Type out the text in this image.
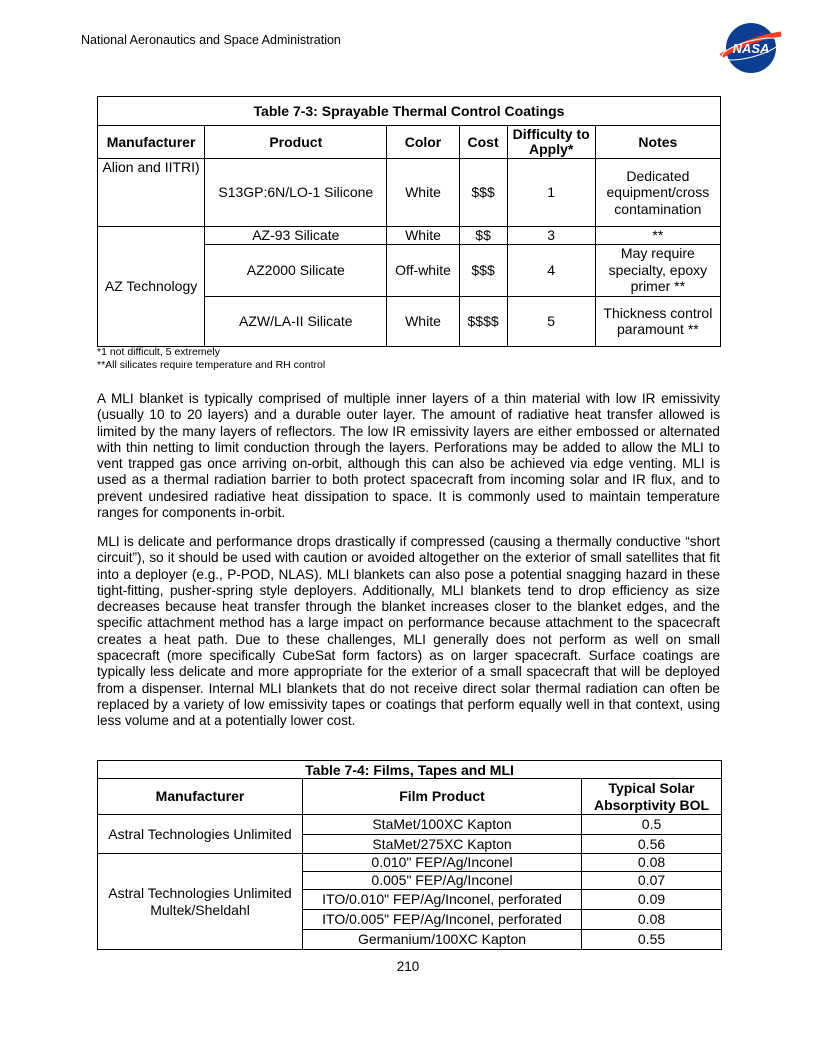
National Aeronautics and Space Administration
NASA
Table 7-3: Sprayable Thermal Control Coatings					
Manufacturer	Product	Color	Cost	Difficulty to Apply*	Notes
Alion and IITRI)	S13GP:6N/LO-1 Silicone	White	$$$	1	Dedicated equipment/cross contamination
AZ Technology	AZ-93 Silicate	White	$$	3	**
	AZ2000 Silicate	Off-white	$$$	4	May require specialty, epoxy primer **
	AZW/LA-II Silicate	White	$$$$	5	Thickness control paramount **
*1 not difficult, 5 extremely
**All silicates require temperature and RH control
A MLI blanket is typically comprised of multiple inner layers of a thin material with low IR emissivity (usually 10 to 20 layers) and a durable outer layer. The amount of radiative heat transfer allowed is limited by the many layers of reflectors. The low IR emissivity layers are either embossed or alternated with thin netting to limit conduction through the layers. Perforations may be added to allow the MLI to vent trapped gas once arriving on-orbit, although this can also be achieved via edge venting. MLI is used as a thermal radiation barrier to both protect spacecraft from incoming solar and IR flux, and to prevent undesired radiative heat dissipation to space. It is commonly used to maintain temperature ranges for components in-orbit.
MLI is delicate and performance drops drastically if compressed (causing a thermally conductive “short circuit”), so it should be used with caution or avoided altogether on the exterior of small satellites that fit into a deployer (e.g., P-POD, NLAS). MLI blankets can also pose a potential snagging hazard in these tight-fitting, pusher-spring style deployers. Additionally, MLI blankets tend to drop efficiency as size decreases because heat transfer through the blanket increases closer to the blanket edges, and the specific attachment method has a large impact on performance because attachment to the spacecraft creates a heat path. Due to these challenges, MLI generally does not perform as well on small spacecraft (more specifically CubeSat form factors) as on larger spacecraft. Surface coatings are typically less delicate and more appropriate for the exterior of a small spacecraft that will be deployed from a dispenser. Internal MLI blankets that do not receive direct solar thermal radiation can often be replaced by a variety of low emissivity tapes or coatings that perform equally well in that context, using less volume and at a potentially lower cost.
Table 7-4: Films, Tapes and MLI		
Manufacturer	Film Product	Typical Solar Absorptivity BOL
Astral Technologies Unlimited	StaMet/100XC Kapton	0.5
	StaMet/275XC Kapton	0.56
Astral Technologies Unlimited Multek/Sheldahl	0.010" FEP/Ag/Inconel	0.08
	0.005" FEP/Ag/Inconel	0.07
	ITO/0.010" FEP/Ag/Inconel, perforated	0.09
	ITO/0.005" FEP/Ag/Inconel, perforated	0.08
	Germanium/100XC Kapton	0.55
210
